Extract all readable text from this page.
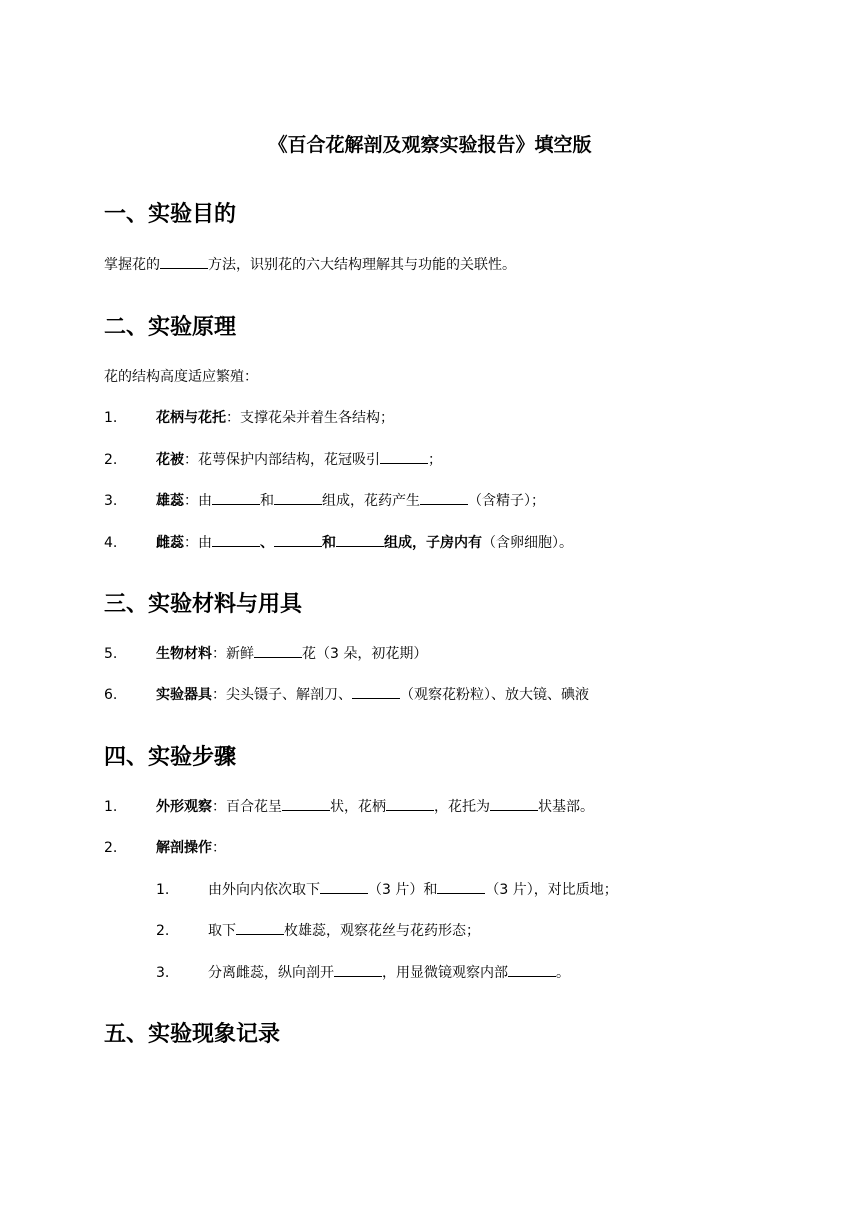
《百合花解剖及观察实验报告》填空版
一、实验目的
掌握花的	方法，识别花的六大结构理解其与功能的关联性。
二、实验原理
花的结构高度适应繁殖：
1.	花柄与花托：支撑花朵并着生各结构；
2.	花被：花萼保护内部结构，花冠吸引	；
3.	雄蕊：由	和	组成，花药产生	（含精子）；
4.	雌蕊：由	、	和	组成，子房内有（含卵细胞）。
三、实验材料与用具
5.	生物材料：新鲜	花（3 朵，初花期）
6.	实验器具：尖头镊子、解剖刀、	（观察花粉粒）、放大镜、碘液
四、实验步骤
1.	外形观察：百合花呈	状，花柄	，花托为	状基部。
2.	解剖操作：
1.	由外向内依次取下	（3 片）和	（3 片），对比质地；
2.	取下	枚雄蕊，观察花丝与花药形态；
3.	分离雌蕊，纵向剖开	，用显微镜观察内部	。
五、实验现象记录
